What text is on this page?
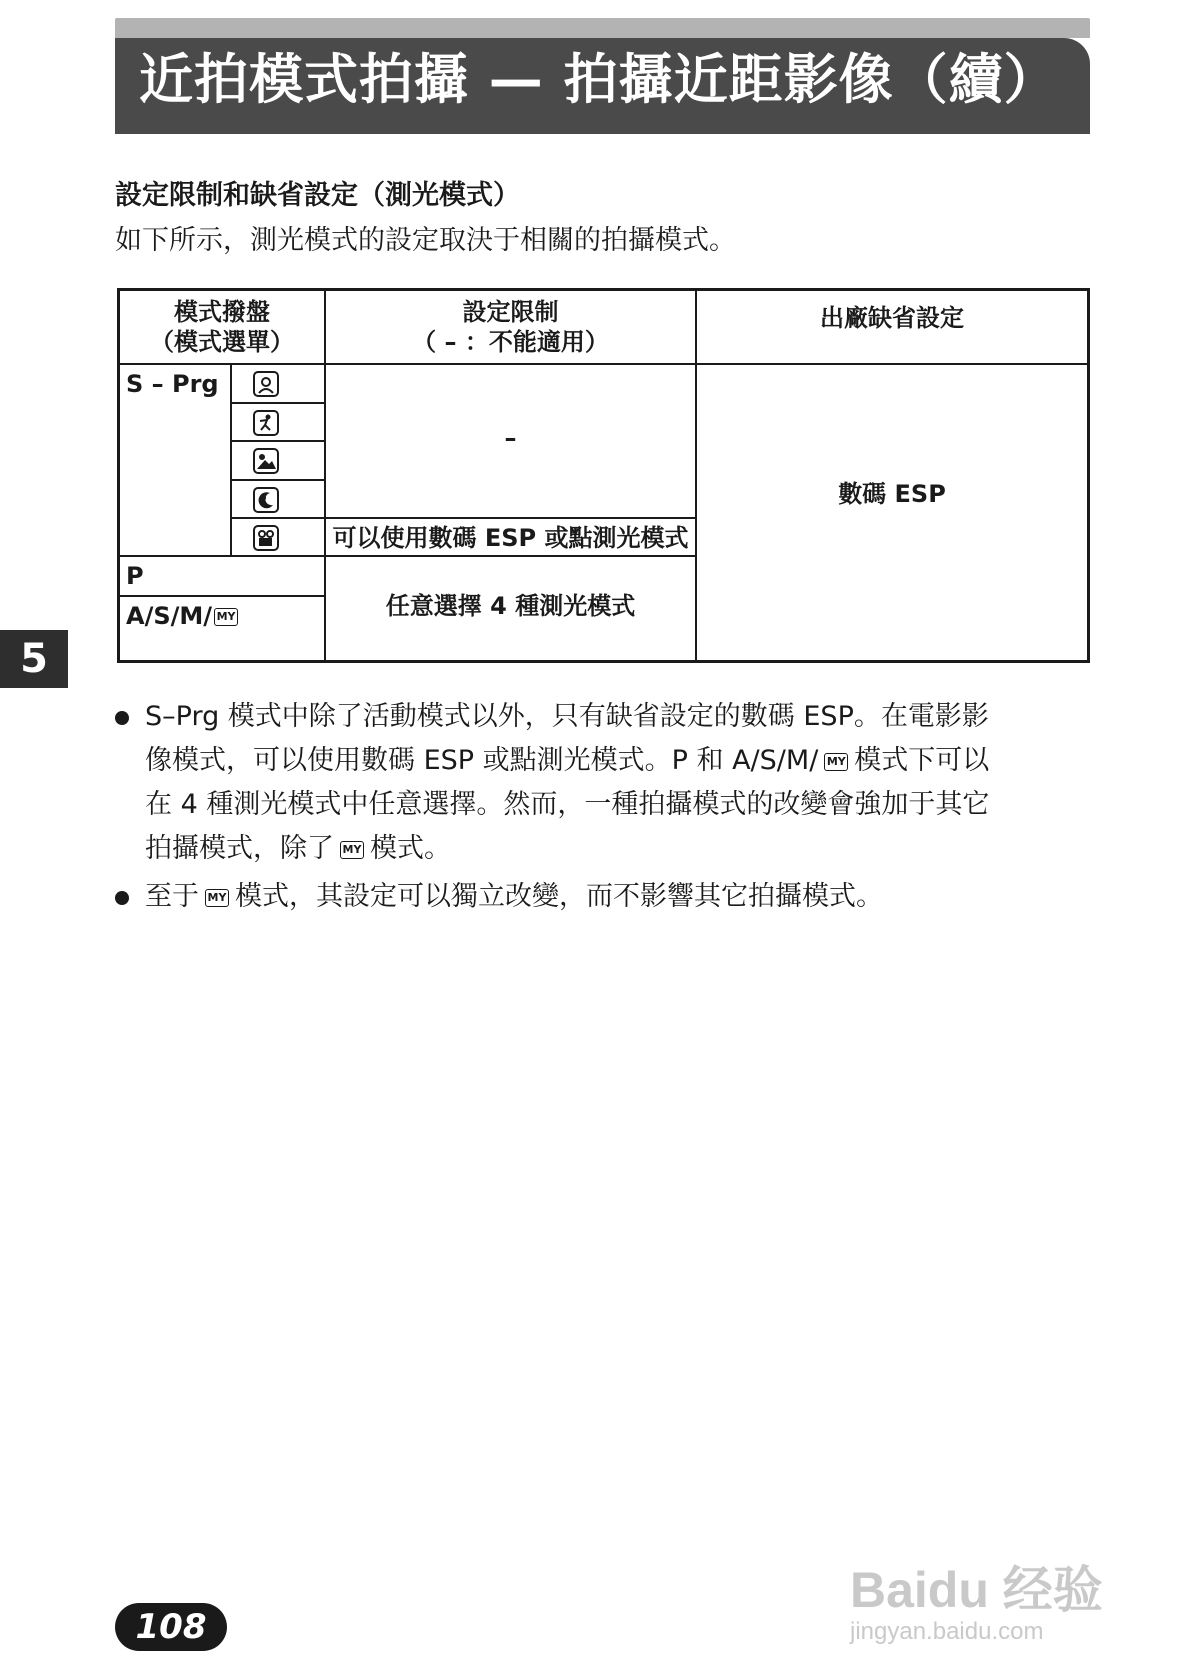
近拍模式拍攝 — 拍攝近距影像（續）
設定限制和缺省設定（測光模式）
如下所示，測光模式的設定取決于相關的拍攝模式。
模式撥盤
（模式選單）
設定限制
（ – ：不能適用）
出廠缺省設定
S – Prg
–
可以使用數碼 ESP 或點測光模式
P
A/S/M/ MY	任意選擇 4 種測光模式
數碼 ESP
5
S–Prg 模式中除了活動模式以外，只有缺省設定的數碼 ESP。在電影影
像模式，可以使用數碼 ESP 或點測光模式。P 和 A/S/M/ MY 模式下可以
在 4 種測光模式中任意選擇。然而，一種拍攝模式的改變會強加于其它
拍攝模式，除了 MY 模式。
至于 MY 模式，其設定可以獨立改變，而不影響其它拍攝模式。
108
Baidu 经验
jingyan.baidu.com
